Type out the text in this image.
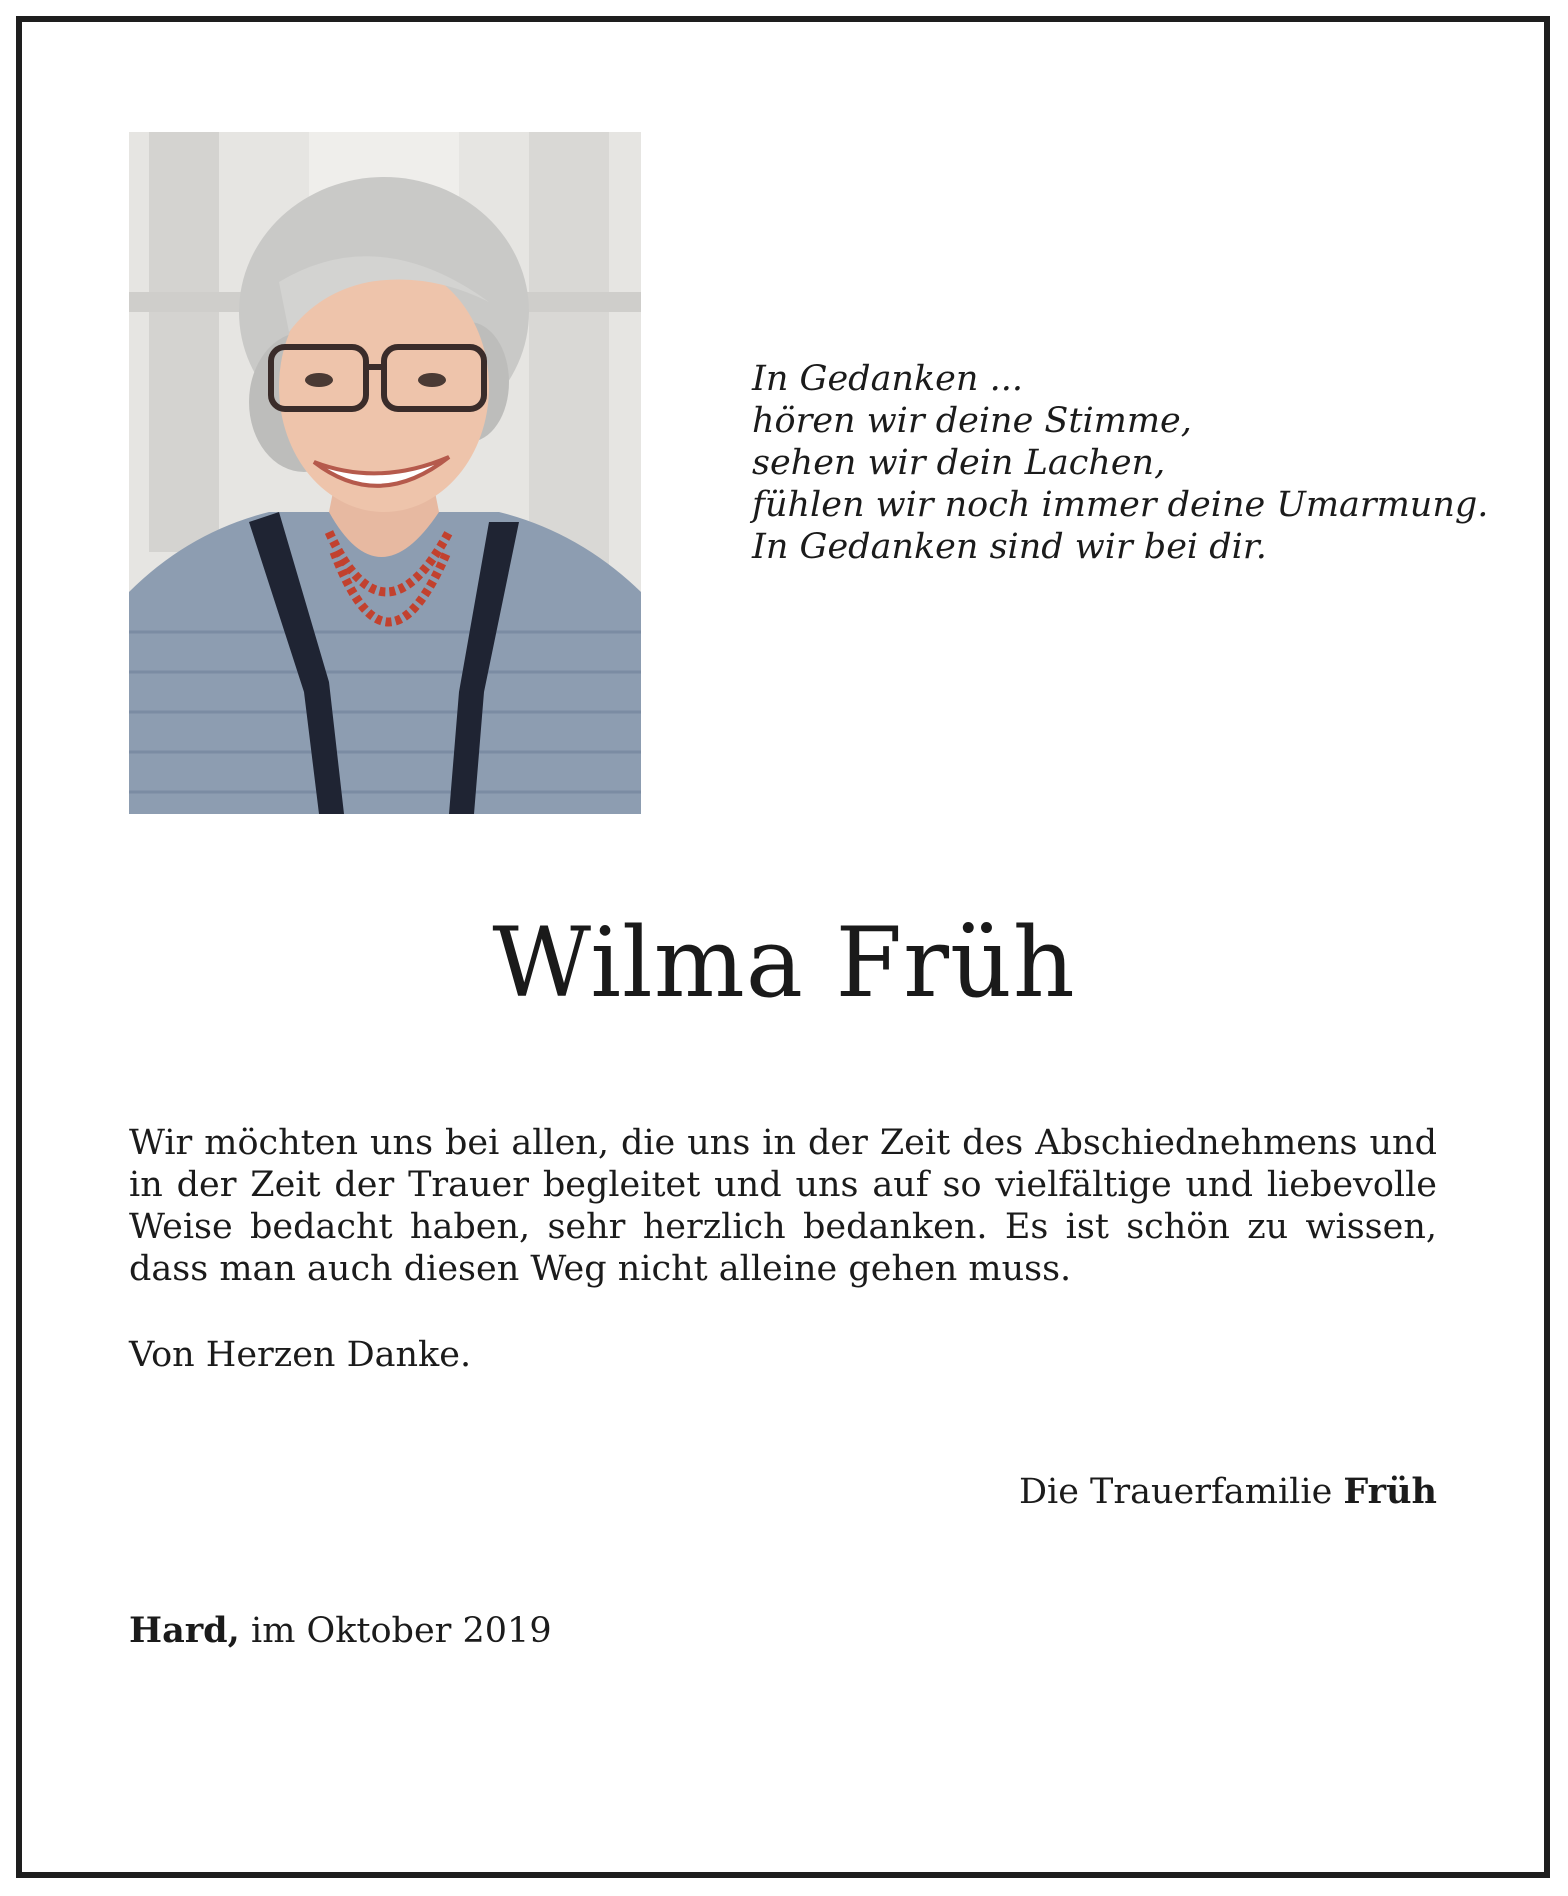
In Gedanken ...
hören wir deine Stimme,
sehen wir dein Lachen,
fühlen wir noch immer deine Umarmung.
In Gedanken sind wir bei dir.
Wilma Früh
Wir möchten uns bei allen, die uns in der Zeit des Abschiednehmens und in der Zeit der Trauer begleitet und uns auf so vielfältige und liebevolle Weise bedacht haben, sehr herzlich bedanken. Es ist schön zu wissen, dass man auch diesen Weg nicht alleine gehen muss.
Von Herzen Danke.
Die Trauerfamilie Früh
Hard, im Oktober 2019
